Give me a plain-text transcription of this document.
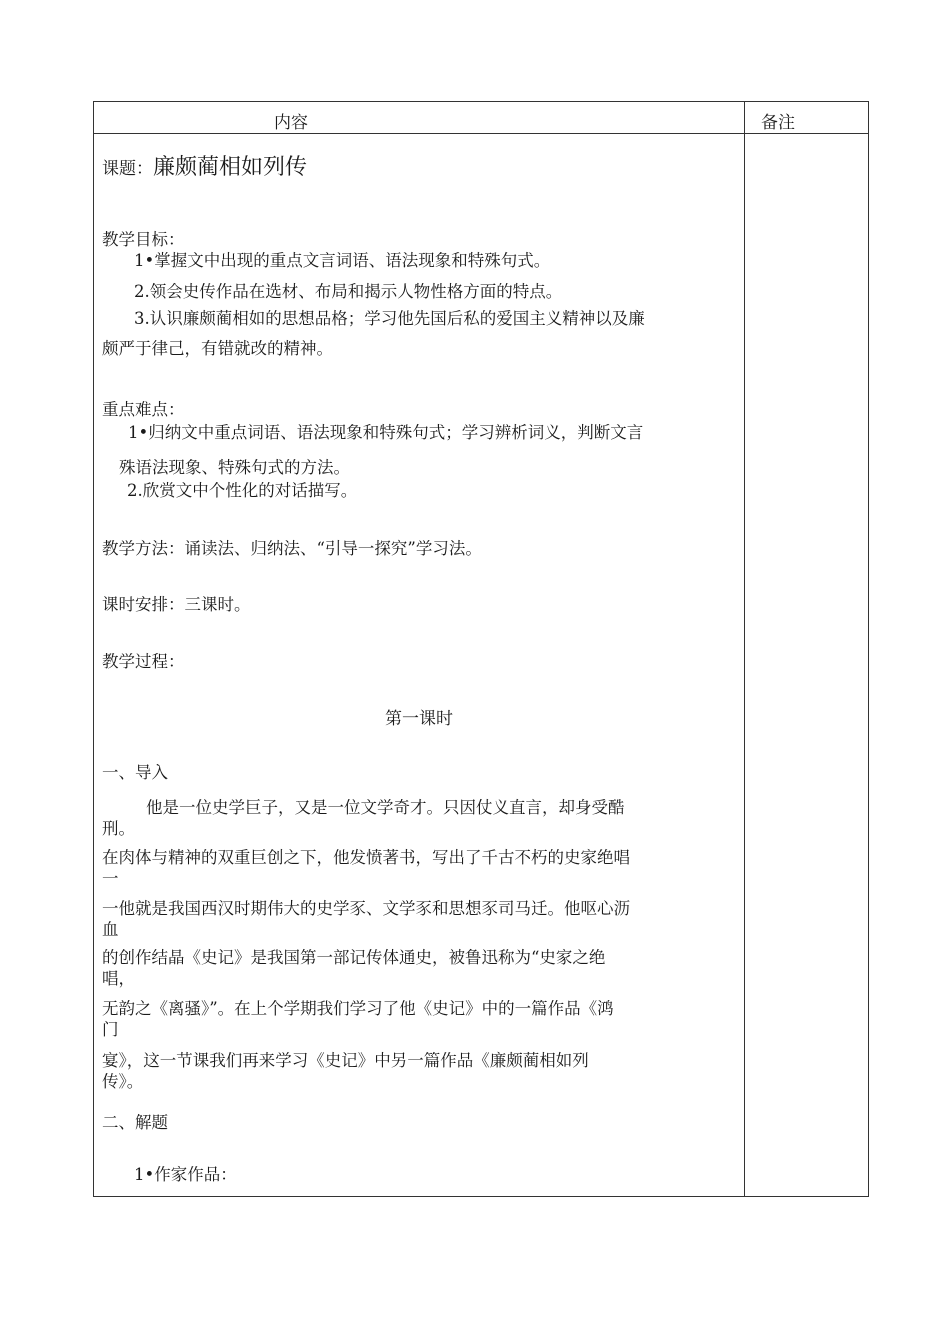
内容	备注
课题：廉颇蔺相如列传
教学目标：
1•掌握文中出现的重点文言词语、语法现象和特殊句式。
2.领会史传作品在选材、布局和揭示人物性格方面的特点。
3.认识廉颇蔺相如的思想品格；学习他先国后私的爱国主义精神以及廉
颇严于律己，有错就改的精神。
重点难点：
1•归纳文中重点词语、语法现象和特殊句式；学习辨析词义，判断文言
殊语法现象、特殊句式的方法。
2.欣赏文中个性化的对话描写。
教学方法：诵读法、归纳法、“引导一探究”学习法。
课时安排：三课时。
教学过程：
第一课时
一、导入
他是一位史学巨子，又是一位文学奇才。只因仗义直言，却身受酷
刑。
在肉体与精神的双重巨创之下，他发愤著书，写出了千古不朽的史家绝唱
一
一他就是我国西汉时期伟大的史学豕、文学豕和思想豕司马迁。他呕心沥
血
的创作结晶《史记》是我国第一部记传体通史，被鲁迅称为“史家之绝
唱，
无韵之《离骚》”。在上个学期我们学习了他《史记》中的一篇作品《鸿
门
宴》，这一节课我们再来学习《史记》中另一篇作品《廉颇蔺相如列
传》。
二、解题
1•作家作品：
